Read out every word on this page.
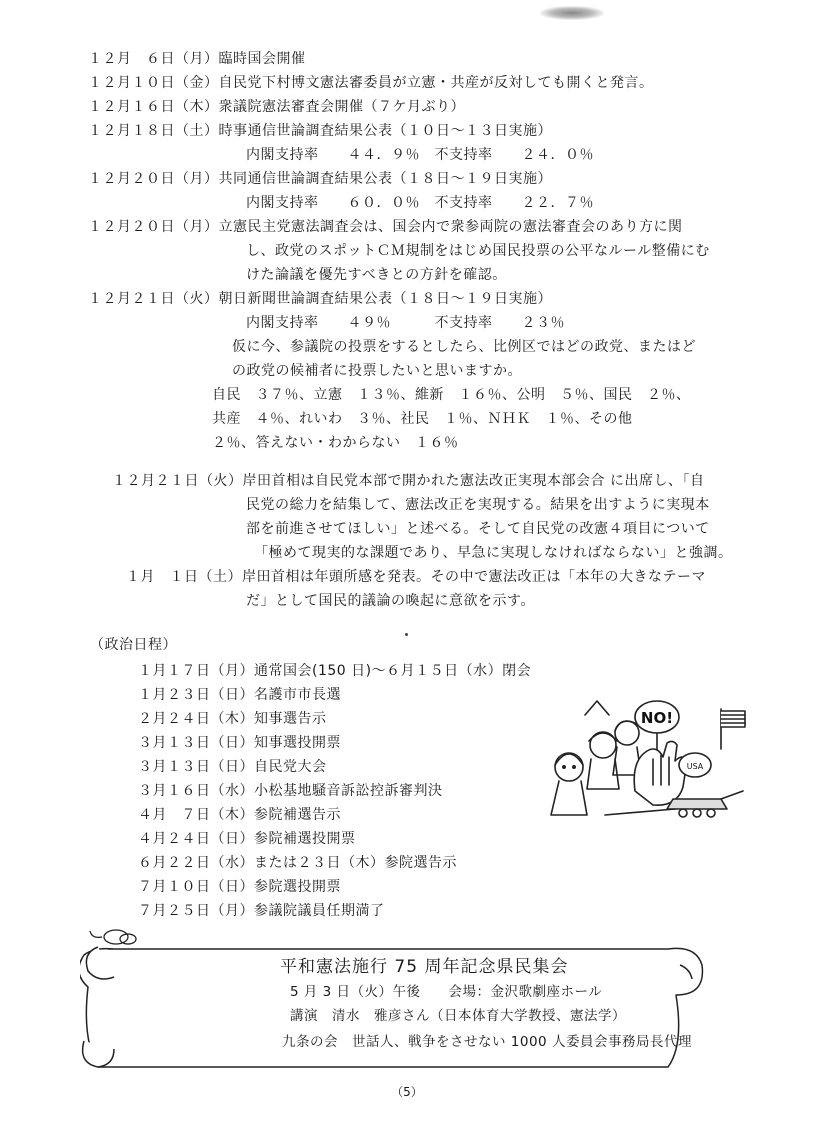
１２月　６日（月）臨時国会開催
１２月１０日（金）自民党下村博文憲法審委員が立憲・共産が反対しても開くと発言。
１２月１６日（木）衆議院憲法審査会開催（７ケ月ぶり）
１２月１８日（土）時事通信世論調査結果公表（１０日～１３日実施）
内閣支持率　　４４．９％　不支持率　　２４．０％
１２月２０日（月）共同通信世論調査結果公表（１８日～１９日実施）
内閣支持率　　６０．０％　不支持率　　２２．７％
１２月２０日（月）立憲民主党憲法調査会は、国会内で衆参両院の憲法審査会のあり方に関
し、政党のスポットＣＭ規制をはじめ国民投票の公平なルール整備にむ
けた論議を優先すべきとの方針を確認。
１２月２１日（火）朝日新聞世論調査結果公表（１８日～１９日実施）
内閣支持率　　４９％　　　不支持率　　２３％
仮に今、参議院の投票をするとしたら、比例区ではどの政党、またはど
の政党の候補者に投票したいと思いますか。
自民　３７％、立憲　１３％、維新　１６％、公明　５％、国民　２％、
共産　４％、れいわ　３％、社民　１％、ＮＨＫ　１％、その他
２％、答えない・わからない　１６％
１２月２１日（火）岸田首相は自民党本部で開かれた憲法改正実現本部会合 に出席し、「自
民党の総力を結集して、憲法改正を実現する。結果を出すように実現本
部を前進させてほしい」と述べる。そして自民党の改憲４項目について
「極めて現実的な課題であり、早急に実現しなければならない」と強調。
１月　１日（土）岸田首相は年頭所感を発表。その中で憲法改正は「本年の大きなテーマ
だ」として国民的議論の喚起に意欲を示す。
（政治日程）
１月１７日（月）通常国会(150 日)～６月１５日（水）閉会
１月２３日（日）名護市市長選
２月２４日（木）知事選告示
３月１３日（日）知事選投開票
３月１３日（日）自民党大会
３月１６日（水）小松基地騒音訴訟控訴審判決
４月　７日（木）参院補選告示
４月２４日（日）参院補選投開票
６月２２日（水）または２３日（木）参院選告示
７月１０日（日）参院選投開票
７月２５日（月）参議院議員任期満了
NO!
USA
平和憲法施行 75 周年記念県民集会
5 月 3 日（火）午後　　会場：金沢歌劇座ホール
講演　清水　雅彦さん（日本体育大学教授、憲法学）
九条の会　世話人、戦争をさせない 1000 人委員会事務局長代理
（5）
